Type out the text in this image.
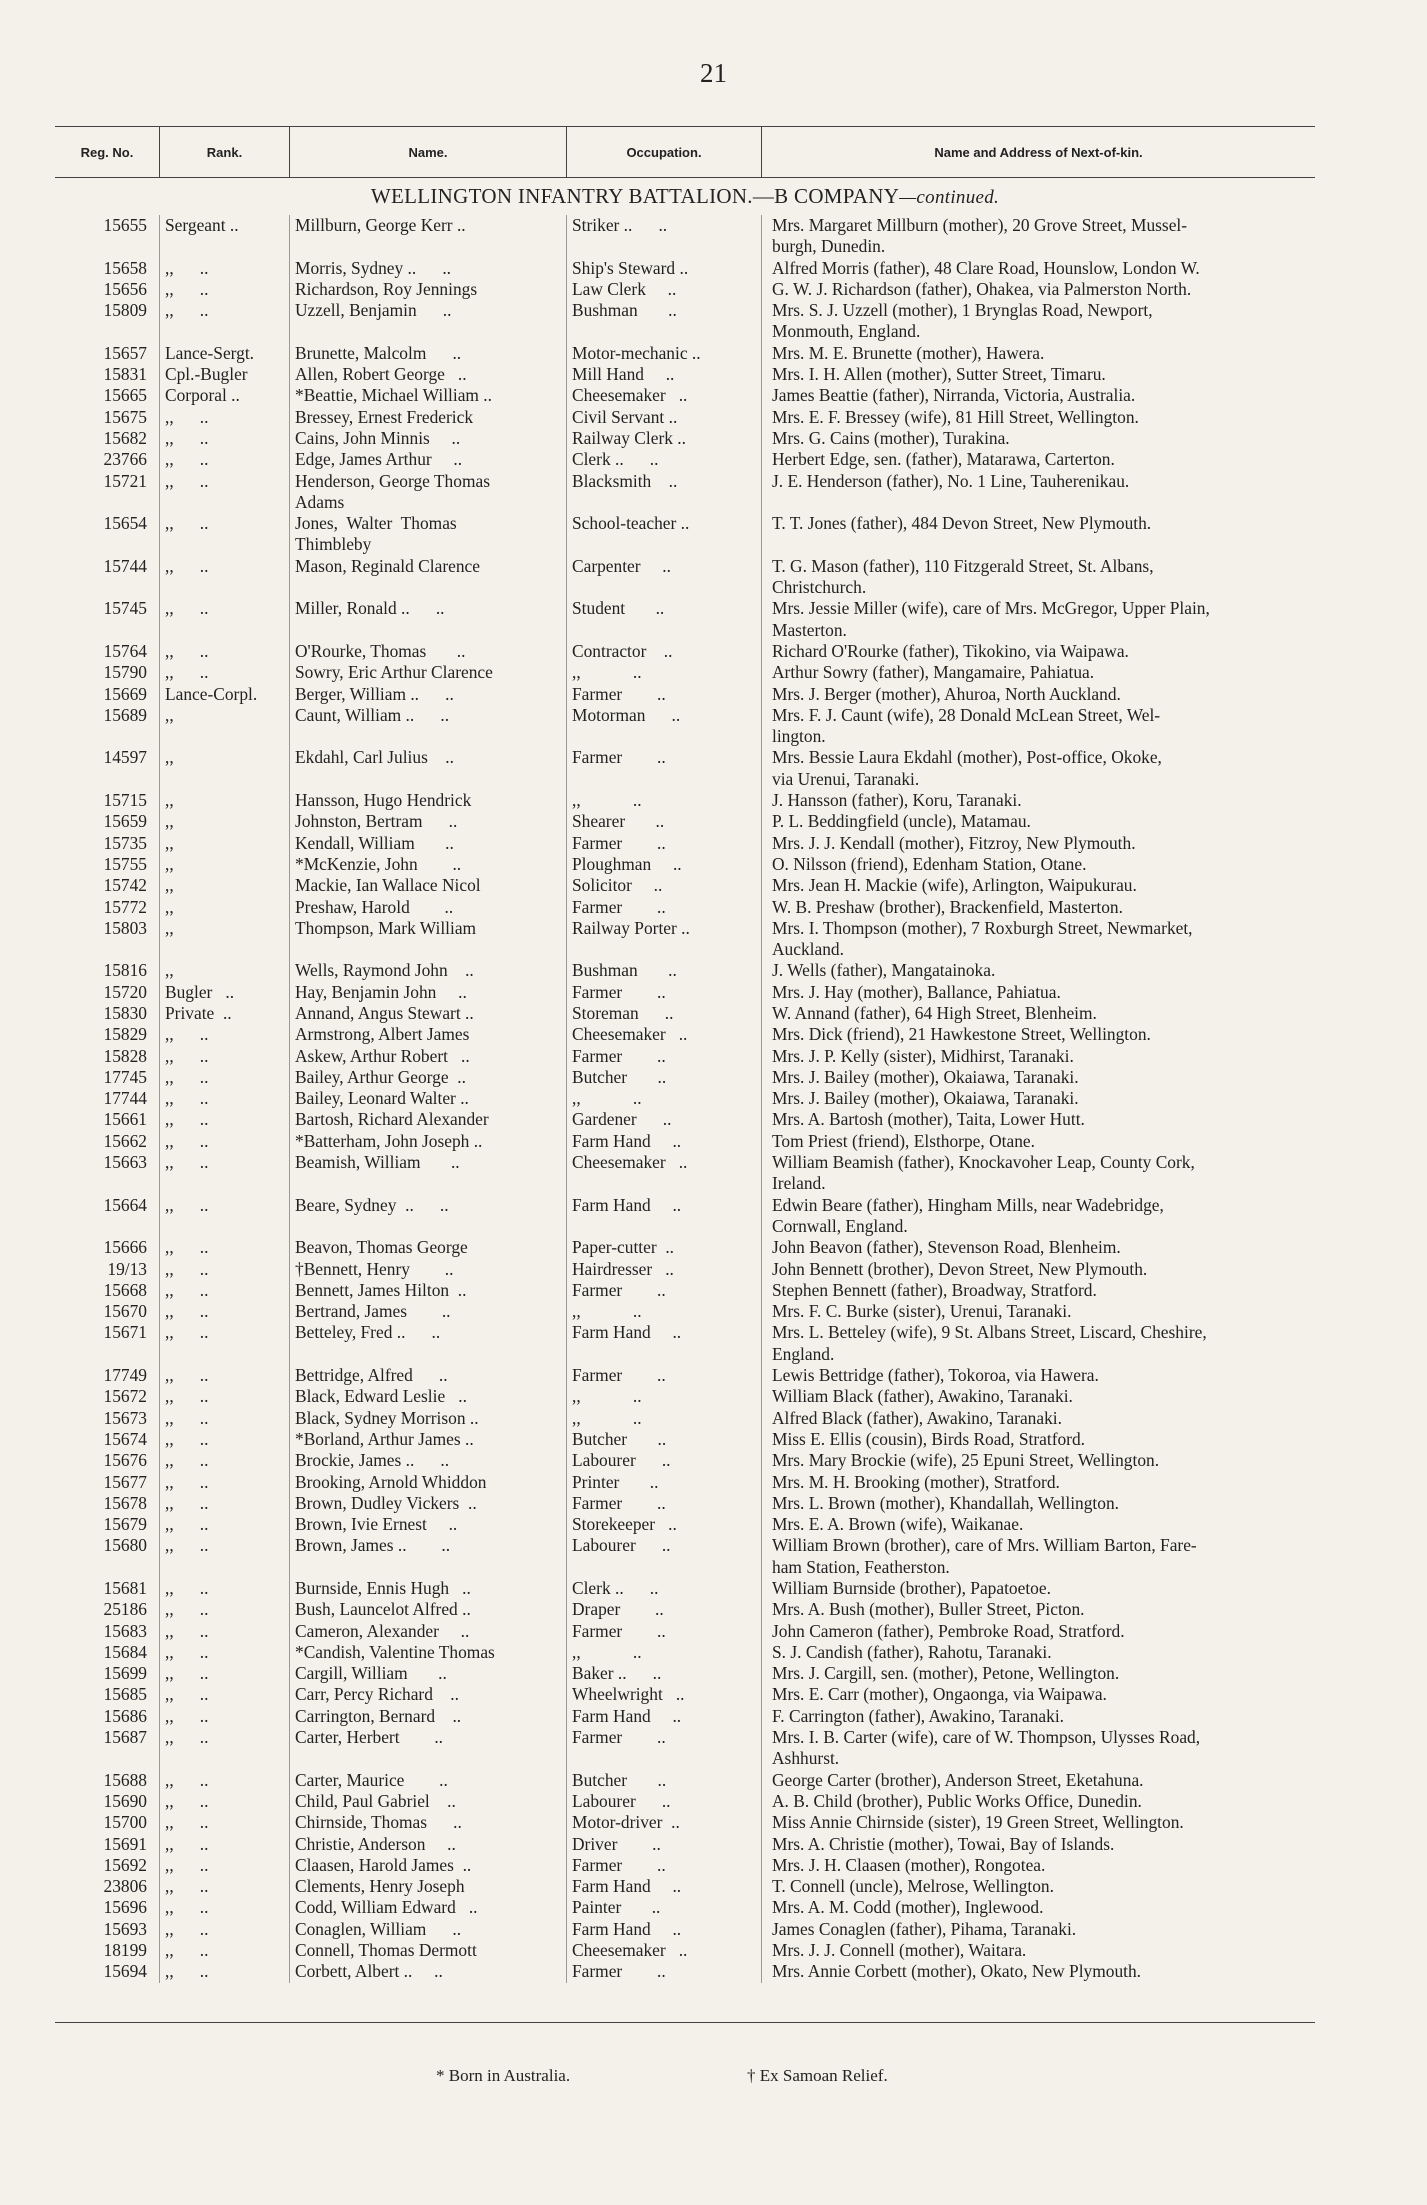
21
Reg. No.	Rank.	Name.	Occupation.	Name and Address of Next-of-kin.
WELLINGTON INFANTRY BATTALION.—B COMPANY—continued.
15655	Sergeant ..	Millburn, George Kerr ..	Striker ..      ..	Mrs. Margaret Millburn (mother), 20 Grove Street, Mussel-
burgh, Dunedin.
15658	,,      ..	Morris, Sydney ..      ..	Ship's Steward ..	Alfred Morris (father), 48 Clare Road, Hounslow, London W.
15656	,,      ..	Richardson, Roy Jennings	Law Clerk     ..	G. W. J. Richardson (father), Ohakea, via Palmerston North.
15809	,,      ..	Uzzell, Benjamin      ..	Bushman       ..	Mrs. S. J. Uzzell (mother), 1 Brynglas Road, Newport,
Monmouth, England.
15657	Lance-Sergt.	Brunette, Malcolm      ..	Motor-mechanic ..	Mrs. M. E. Brunette (mother), Hawera.
15831	Cpl.-Bugler	Allen, Robert George   ..	Mill Hand     ..	Mrs. I. H. Allen (mother), Sutter Street, Timaru.
15665	Corporal ..	*Beattie, Michael William ..	Cheesemaker   ..	James Beattie (father), Nirranda, Victoria, Australia.
15675	,,      ..	Bressey, Ernest Frederick	Civil Servant ..	Mrs. E. F. Bressey (wife), 81 Hill Street, Wellington.
15682	,,      ..	Cains, John Minnis     ..	Railway Clerk ..	Mrs. G. Cains (mother), Turakina.
23766	,,      ..	Edge, James Arthur     ..	Clerk ..      ..	Herbert Edge, sen. (father), Matarawa, Carterton.
15721	,,      ..	Henderson, George Thomas
Adams
Blacksmith    ..	J. E. Henderson (father), No. 1 Line, Tauherenikau.
15654	,,      ..	Jones,  Walter  Thomas
Thimbleby
School-teacher ..	T. T. Jones (father), 484 Devon Street, New Plymouth.
15744	,,      ..	Mason, Reginald Clarence	Carpenter     ..	T. G. Mason (father), 110 Fitzgerald Street, St. Albans,
Christchurch.
15745	,,      ..	Miller, Ronald ..      ..	Student       ..	Mrs. Jessie Miller (wife), care of Mrs. McGregor, Upper Plain,
Masterton.
15764	,,      ..	O'Rourke, Thomas       ..	Contractor    ..	Richard O'Rourke (father), Tikokino, via Waipawa.
15790	,,      ..	Sowry, Eric Arthur Clarence	,,            ..	Arthur Sowry (father), Mangamaire, Pahiatua.
15669	Lance-Corpl.	Berger, William ..      ..	Farmer        ..	Mrs. J. Berger (mother), Ahuroa, North Auckland.
15689	,,	Caunt, William ..      ..	Motorman      ..	Mrs. F. J. Caunt (wife), 28 Donald McLean Street, Wel-
lington.
14597	,,	Ekdahl, Carl Julius    ..	Farmer        ..	Mrs. Bessie Laura Ekdahl (mother), Post-office, Okoke,
via Urenui, Taranaki.
15715	,,	Hansson, Hugo Hendrick	,,            ..	J. Hansson (father), Koru, Taranaki.
15659	,,	Johnston, Bertram      ..	Shearer       ..	P. L. Beddingfield (uncle), Matamau.
15735	,,	Kendall, William       ..	Farmer        ..	Mrs. J. J. Kendall (mother), Fitzroy, New Plymouth.
15755	,,	*McKenzie, John        ..	Ploughman     ..	O. Nilsson (friend), Edenham Station, Otane.
15742	,,	Mackie, Ian Wallace Nicol	Solicitor     ..	Mrs. Jean H. Mackie (wife), Arlington, Waipukurau.
15772	,,	Preshaw, Harold        ..	Farmer        ..	W. B. Preshaw (brother), Brackenfield, Masterton.
15803	,,	Thompson, Mark William	Railway Porter ..	Mrs. I. Thompson (mother), 7 Roxburgh Street, Newmarket,
Auckland.
15816	,,	Wells, Raymond John    ..	Bushman       ..	J. Wells (father), Mangatainoka.
15720	Bugler   ..	Hay, Benjamin John     ..	Farmer        ..	Mrs. J. Hay (mother), Ballance, Pahiatua.
15830	Private  ..	Annand, Angus Stewart ..	Storeman      ..	W. Annand (father), 64 High Street, Blenheim.
15829	,,      ..	Armstrong, Albert James	Cheesemaker   ..	Mrs. Dick (friend), 21 Hawkestone Street, Wellington.
15828	,,      ..	Askew, Arthur Robert   ..	Farmer        ..	Mrs. J. P. Kelly (sister), Midhirst, Taranaki.
17745	,,      ..	Bailey, Arthur George  ..	Butcher       ..	Mrs. J. Bailey (mother), Okaiawa, Taranaki.
17744	,,      ..	Bailey, Leonard Walter ..	,,            ..	Mrs. J. Bailey (mother), Okaiawa, Taranaki.
15661	,,      ..	Bartosh, Richard Alexander	Gardener      ..	Mrs. A. Bartosh (mother), Taita, Lower Hutt.
15662	,,      ..	*Batterham, John Joseph ..	Farm Hand     ..	Tom Priest (friend), Elsthorpe, Otane.
15663	,,      ..	Beamish, William       ..	Cheesemaker   ..	William Beamish (father), Knockavoher Leap, County Cork,
Ireland.
15664	,,      ..	Beare, Sydney  ..      ..	Farm Hand     ..	Edwin Beare (father), Hingham Mills, near Wadebridge,
Cornwall, England.
15666	,,      ..	Beavon, Thomas George	Paper-cutter  ..	John Beavon (father), Stevenson Road, Blenheim.
19/13	,,      ..	†Bennett, Henry        ..	Hairdresser   ..	John Bennett (brother), Devon Street, New Plymouth.
15668	,,      ..	Bennett, James Hilton  ..	Farmer        ..	Stephen Bennett (father), Broadway, Stratford.
15670	,,      ..	Bertrand, James        ..	,,            ..	Mrs. F. C. Burke (sister), Urenui, Taranaki.
15671	,,      ..	Betteley, Fred ..      ..	Farm Hand     ..	Mrs. L. Betteley (wife), 9 St. Albans Street, Liscard, Cheshire,
England.
17749	,,      ..	Bettridge, Alfred      ..	Farmer        ..	Lewis Bettridge (father), Tokoroa, via Hawera.
15672	,,      ..	Black, Edward Leslie   ..	,,            ..	William Black (father), Awakino, Taranaki.
15673	,,      ..	Black, Sydney Morrison ..	,,            ..	Alfred Black (father), Awakino, Taranaki.
15674	,,      ..	*Borland, Arthur James ..	Butcher       ..	Miss E. Ellis (cousin), Birds Road, Stratford.
15676	,,      ..	Brockie, James ..      ..	Labourer      ..	Mrs. Mary Brockie (wife), 25 Epuni Street, Wellington.
15677	,,      ..	Brooking, Arnold Whiddon	Printer       ..	Mrs. M. H. Brooking (mother), Stratford.
15678	,,      ..	Brown, Dudley Vickers  ..	Farmer        ..	Mrs. L. Brown (mother), Khandallah, Wellington.
15679	,,      ..	Brown, Ivie Ernest     ..	Storekeeper   ..	Mrs. E. A. Brown (wife), Waikanae.
15680	,,      ..	Brown, James ..        ..	Labourer      ..	William Brown (brother), care of Mrs. William Barton, Fare-
ham Station, Featherston.
15681	,,      ..	Burnside, Ennis Hugh   ..	Clerk ..      ..	William Burnside (brother), Papatoetoe.
25186	,,      ..	Bush, Launcelot Alfred ..	Draper        ..	Mrs. A. Bush (mother), Buller Street, Picton.
15683	,,      ..	Cameron, Alexander     ..	Farmer        ..	John Cameron (father), Pembroke Road, Stratford.
15684	,,      ..	*Candish, Valentine Thomas	,,            ..	S. J. Candish (father), Rahotu, Taranaki.
15699	,,      ..	Cargill, William       ..	Baker ..      ..	Mrs. J. Cargill, sen. (mother), Petone, Wellington.
15685	,,      ..	Carr, Percy Richard    ..	Wheelwright   ..	Mrs. E. Carr (mother), Ongaonga, via Waipawa.
15686	,,      ..	Carrington, Bernard    ..	Farm Hand     ..	F. Carrington (father), Awakino, Taranaki.
15687	,,      ..	Carter, Herbert        ..	Farmer        ..	Mrs. I. B. Carter (wife), care of W. Thompson, Ulysses Road,
Ashhurst.
15688	,,      ..	Carter, Maurice        ..	Butcher       ..	George Carter (brother), Anderson Street, Eketahuna.
15690	,,      ..	Child, Paul Gabriel    ..	Labourer      ..	A. B. Child (brother), Public Works Office, Dunedin.
15700	,,      ..	Chirnside, Thomas      ..	Motor-driver  ..	Miss Annie Chirnside (sister), 19 Green Street, Wellington.
15691	,,      ..	Christie, Anderson     ..	Driver        ..	Mrs. A. Christie (mother), Towai, Bay of Islands.
15692	,,      ..	Claasen, Harold James  ..	Farmer        ..	Mrs. J. H. Claasen (mother), Rongotea.
23806	,,      ..	Clements, Henry Joseph	Farm Hand     ..	T. Connell (uncle), Melrose, Wellington.
15696	,,      ..	Codd, William Edward   ..	Painter       ..	Mrs. A. M. Codd (mother), Inglewood.
15693	,,      ..	Conaglen, William      ..	Farm Hand     ..	James Conaglen (father), Pihama, Taranaki.
18199	,,      ..	Connell, Thomas Dermott	Cheesemaker   ..	Mrs. J. J. Connell (mother), Waitara.
15694	,,      ..	Corbett, Albert ..     ..	Farmer        ..	Mrs. Annie Corbett (mother), Okato, New Plymouth.
* Born in Australia.	† Ex Samoan Relief.
